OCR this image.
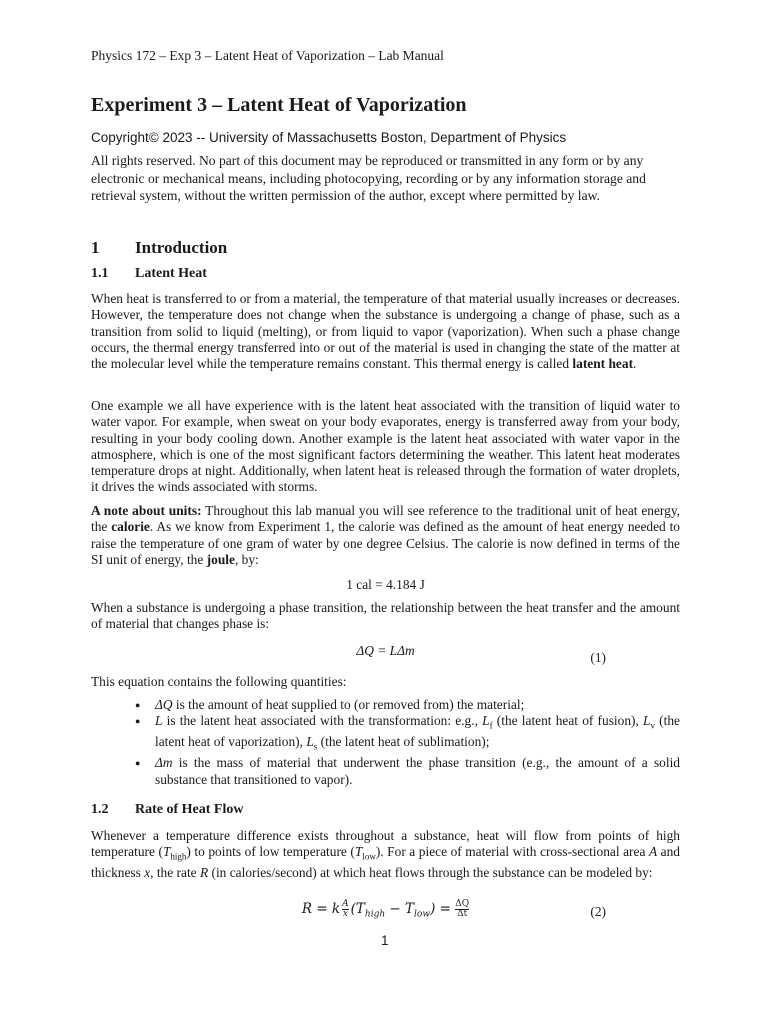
Physics 172 – Exp 3 – Latent Heat of Vaporization – Lab Manual
Experiment 3 – Latent Heat of Vaporization
Copyright© 2023 -- University of Massachusetts Boston, Department of Physics

All rights reserved. No part of this document may be reproduced or transmitted in any form or by any electronic or mechanical means, including photocopying, recording or by any information storage and retrieval system, without the written permission of the author, except where permitted by law.

1 Introduction
1.1 Latent Heat

When heat is transferred to or from a material, the temperature of that material usually increases or decreases. However, the temperature does not change when the substance is undergoing a change of phase, such as a transition from solid to liquid (melting), or from liquid to vapor (vaporization). When such a phase change occurs, the thermal energy transferred into or out of the material is used in changing the state of the matter at the molecular level while the temperature remains constant. This thermal energy is called latent heat.

One example we all have experience with is the latent heat associated with the transition of liquid water to water vapor. For example, when sweat on your body evaporates, energy is transferred away from your body, resulting in your body cooling down. Another example is the latent heat associated with water vapor in the atmosphere, which is one of the most significant factors determining the weather. This latent heat moderates temperature drops at night. Additionally, when latent heat is released through the formation of water droplets, it drives the winds associated with storms.

A note about units: Throughout this lab manual you will see reference to the traditional unit of heat energy, the calorie. As we know from Experiment 1, the calorie was defined as the amount of heat energy needed to raise the temperature of one gram of water by one degree Celsius. The calorie is now defined in terms of the SI unit of energy, the joule, by:

1 cal = 4.184 J

When a substance is undergoing a phase transition, the relationship between the heat transfer and the amount of material that changes phase is:

ΔQ = LΔm	(1)

This equation contains the following quantities:

● ΔQ is the amount of heat supplied to (or removed from) the material;
● L is the latent heat associated with the transformation: e.g., $L_f$ (the latent heat of fusion), $L_v$ (the latent heat of vaporization), $L_s$ (the latent heat of sublimation);
● Δm is the mass of material that underwent the phase transition (e.g., the amount of a solid substance that transitioned to vapor).
1.2 Rate of Heat Flow

Whenever a temperature difference exists throughout a substance, heat will flow from points of high temperature $(T_{high})$ to points of low temperature $(T_{low})$. For a piece of material with cross-sectional area A and thickness x, the rate R (in calories/second) at which heat flows through the substance can be modeled by:

R = k $\frac{A}{x} (T_{high} - T_{low}) = \frac{\Delta Q}{\Delta t}$	(2)
1
